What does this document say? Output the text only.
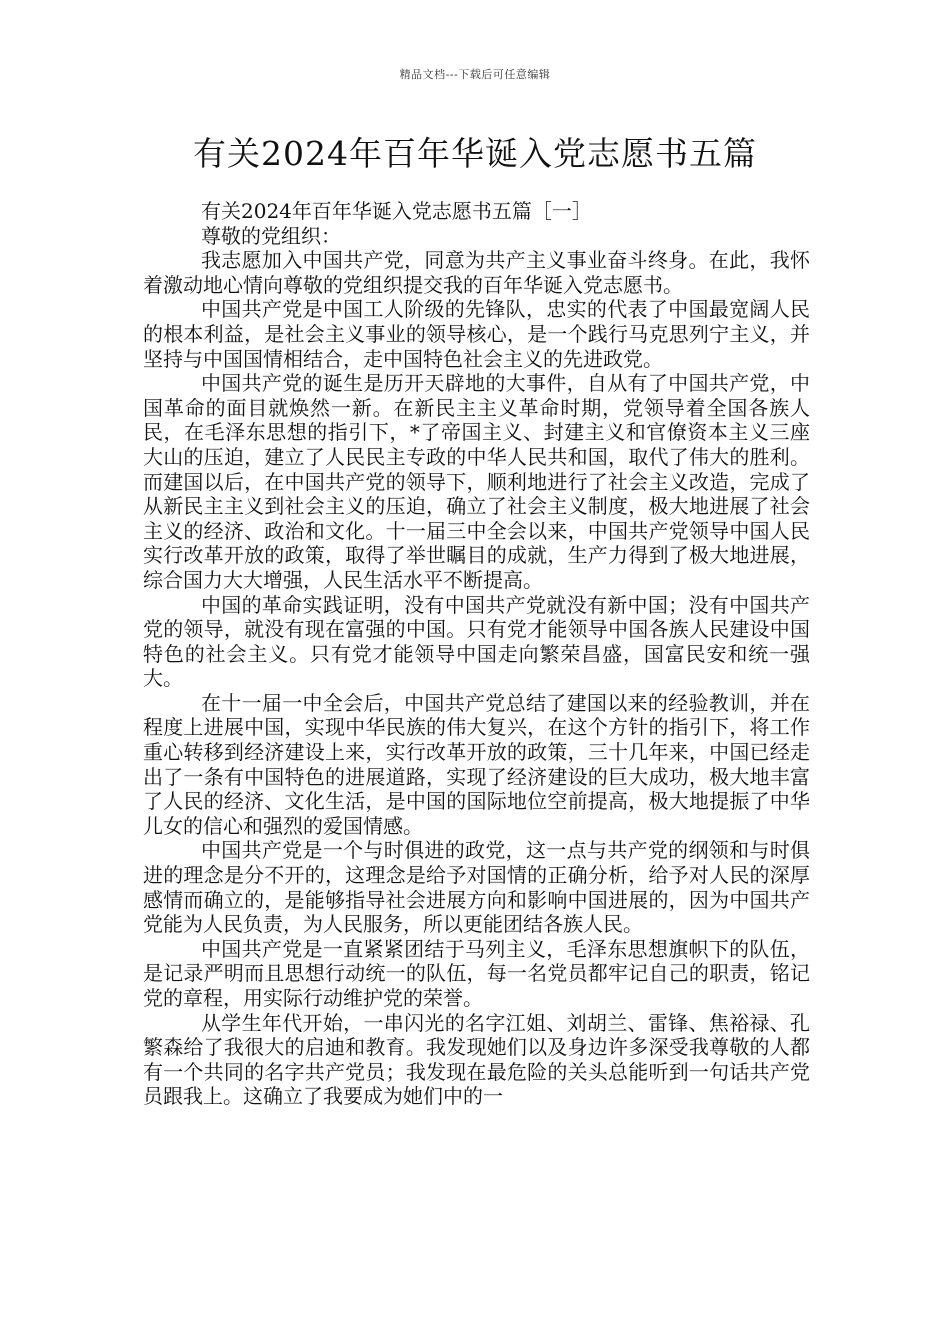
精品文档---下载后可任意编辑
有关2024年百年华诞入党志愿书五篇

有关2024年百年华诞入党志愿书五篇［一］

尊敬的党组织：

我志愿加入中国共产党，同意为共产主义事业奋斗终身。在此，我怀着激动地心情向尊敬的党组织提交我的百年华诞入党志愿书。

中国共产党是中国工人阶级的先锋队，忠实的代表了中国最宽阔人民的根本利益，是社会主义事业的领导核心，是一个践行马克思列宁主义，并坚持与中国国情相结合，走中国特色社会主义的先进政党。

中国共产党的诞生是历开天辟地的大事件，自从有了中国共产党，中国革命的面目就焕然一新。在新民主主义革命时期，党领导着全国各族人民，在毛泽东思想的指引下，*了帝国主义、封建主义和官僚资本主义三座大山的压迫，建立了人民民主专政的中华人民共和国，取代了伟大的胜利。而建国以后，在中国共产党的领导下，顺利地进行了社会主义改造，完成了从新民主主义到社会主义的压迫，确立了社会主义制度，极大地进展了社会主义的经济、政治和文化。十一届三中全会以来，中国共产党领导中国人民实行改革开放的政策，取得了举世瞩目的成就，生产力得到了极大地进展，综合国力大大增强，人民生活水平不断提高。

中国的革命实践证明，没有中国共产党就没有新中国；没有中国共产党的领导，就没有现在富强的中国。只有党才能领导中国各族人民建设中国特色的社会主义。只有党才能领导中国走向繁荣昌盛，国富民安和统一强大。

在十一届一中全会后，中国共产党总结了建国以来的经验教训，并在程度上进展中国，实现中华民族的伟大复兴，在这个方针的指引下，将工作重心转移到经济建设上来，实行改革开放的政策，三十几年来，中国已经走出了一条有中国特色的进展道路，实现了经济建设的巨大成功，极大地丰富了人民的经济、文化生活，是中国的国际地位空前提高，极大地提振了中华儿女的信心和强烈的爱国情感。

中国共产党是一个与时俱进的政党，这一点与共产党的纲领和与时俱进的理念是分不开的，这理念是给予对国情的正确分析，给予对人民的深厚感情而确立的，是能够指导社会进展方向和影响中国进展的，因为中国共产党能为人民负责，为人民服务，所以更能团结各族人民。

中国共产党是一直紧紧团结于马列主义，毛泽东思想旗帜下的队伍，是记录严明而且思想行动统一的队伍，每一名党员都牢记自己的职责，铭记党的章程，用实际行动维护党的荣誉。

从学生年代开始，一串闪光的名字江姐、刘胡兰、雷锋、焦裕禄、孔繁森给了我很大的启迪和教育。我发现她们以及身边许多深受我尊敬的人都有一个共同的名字共产党员；我发现在最危险的关头总能听到一句话共产党员跟我上。这确立了我要成为她们中的一
